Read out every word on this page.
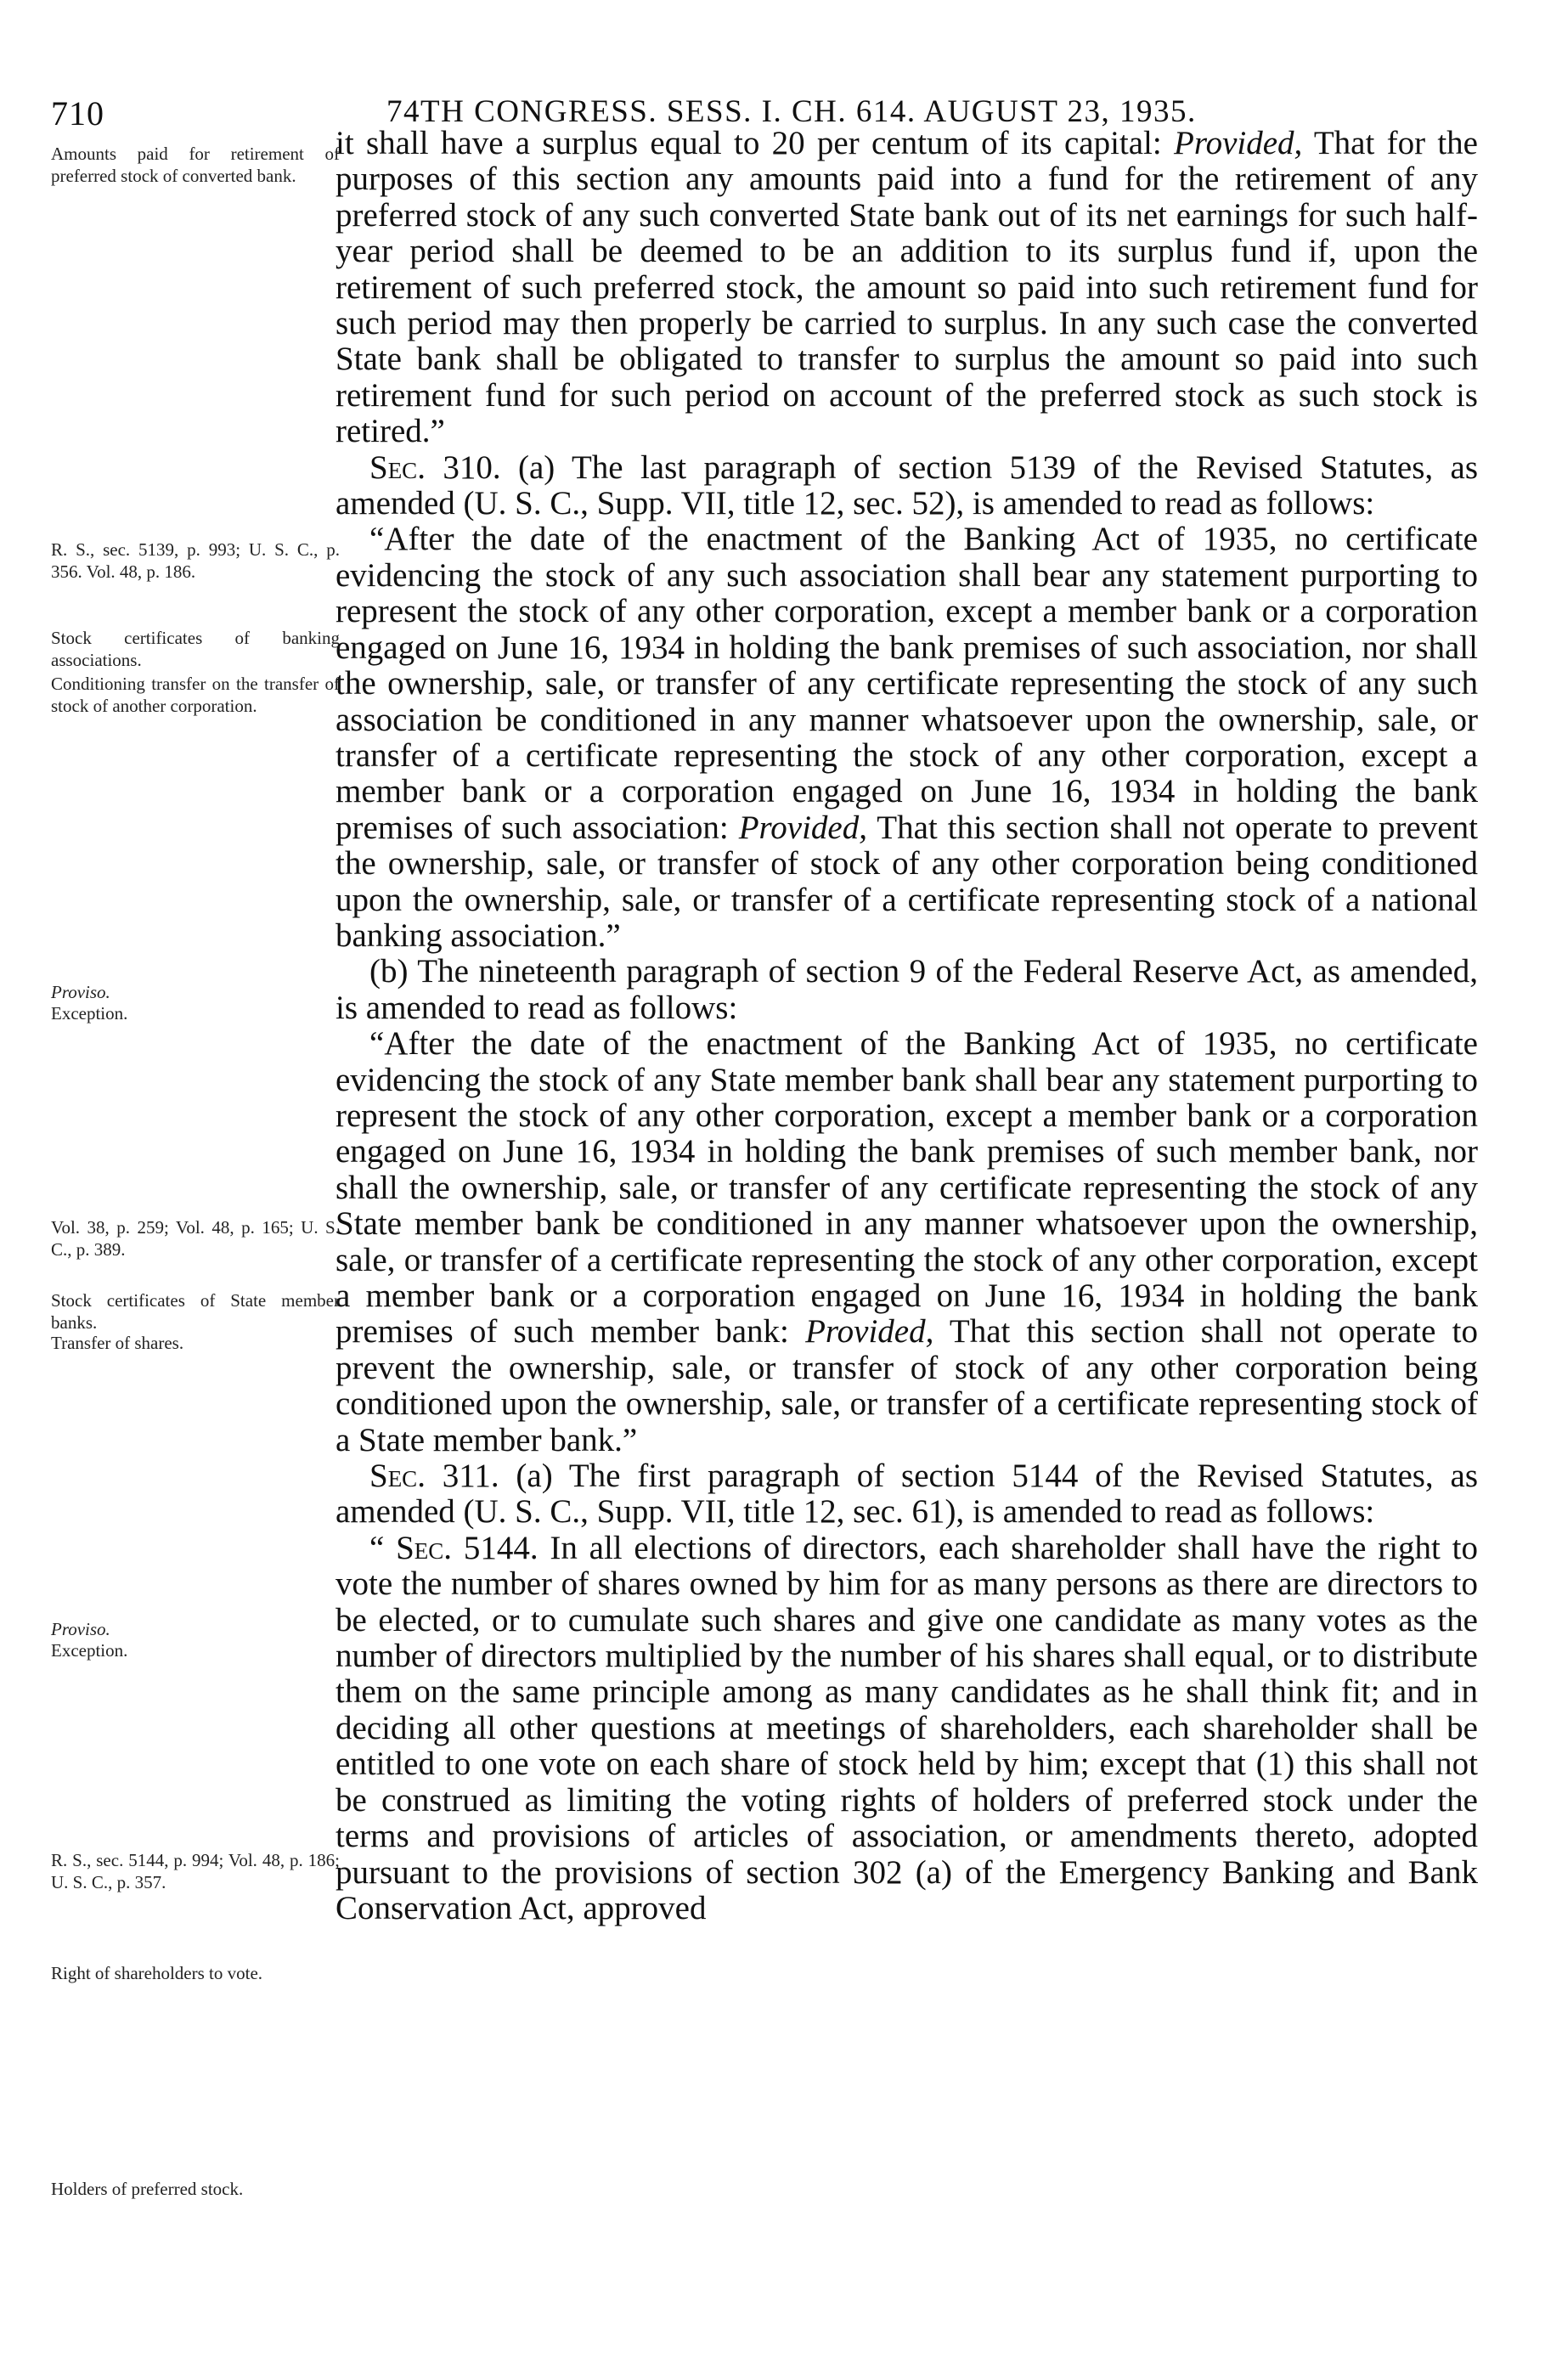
710	74TH CONGRESS. SESS. I. CH. 614. AUGUST 23, 1935.
Amounts paid for retirement of preferred stock of converted bank.
R. S., sec. 5139, p. 993; U. S. C., p. 356. Vol. 48, p. 186.
Stock certificates of banking associations.
Conditioning transfer on the transfer of stock of another corporation.
Proviso.
Exception.
Vol. 38, p. 259; Vol. 48, p. 165; U. S. C., p. 389.
Stock certificates of State member banks.
Transfer of shares.
Proviso.
Exception.
R. S., sec. 5144, p. 994; Vol. 48, p. 186; U. S. C., p. 357.
Right of shareholders to vote.
Holders of preferred stock.

it shall have a surplus equal to 20 per centum of its capital: Provided, That for the purposes of this section any amounts paid into a fund for the retirement of any preferred stock of any such converted State bank out of its net earnings for such half-year period shall be deemed to be an addition to its surplus fund if, upon the retirement of such preferred stock, the amount so paid into such retirement fund for such period may then properly be carried to surplus. In any such case the converted State bank shall be obligated to transfer to surplus the amount so paid into such retirement fund for such period on account of the preferred stock as such stock is retired.”

Sec. 310. (a) The last paragraph of section 5139 of the Revised Statutes, as amended (U. S. C., Supp. VII, title 12, sec. 52), is amended to read as follows:

“After the date of the enactment of the Banking Act of 1935, no certificate evidencing the stock of any such association shall bear any statement purporting to represent the stock of any other corporation, except a member bank or a corporation engaged on June 16, 1934 in holding the bank premises of such association, nor shall the ownership, sale, or transfer of any certificate representing the stock of any such association be conditioned in any manner whatsoever upon the ownership, sale, or transfer of a certificate representing the stock of any other corporation, except a member bank or a corporation engaged on June 16, 1934 in holding the bank premises of such association: Provided, That this section shall not operate to prevent the ownership, sale, or transfer of stock of any other corporation being conditioned upon the ownership, sale, or transfer of a certificate representing stock of a national banking association.”

(b) The nineteenth paragraph of section 9 of the Federal Reserve Act, as amended, is amended to read as follows:

“After the date of the enactment of the Banking Act of 1935, no certificate evidencing the stock of any State member bank shall bear any statement purporting to represent the stock of any other corporation, except a member bank or a corporation engaged on June 16, 1934 in holding the bank premises of such member bank, nor shall the ownership, sale, or transfer of any certificate representing the stock of any State member bank be conditioned in any manner whatsoever upon the ownership, sale, or transfer of a certificate representing the stock of any other corporation, except a member bank or a corporation engaged on June 16, 1934 in holding the bank premises of such member bank: Provided, That this section shall not operate to prevent the ownership, sale, or transfer of stock of any other corporation being conditioned upon the ownership, sale, or transfer of a certificate representing stock of a State member bank.”

Sec. 311. (a) The first paragraph of section 5144 of the Revised Statutes, as amended (U. S. C., Supp. VII, title 12, sec. 61), is amended to read as follows:

“ Sec. 5144. In all elections of directors, each shareholder shall have the right to vote the number of shares owned by him for as many persons as there are directors to be elected, or to cumulate such shares and give one candidate as many votes as the number of directors multiplied by the number of his shares shall equal, or to distribute them on the same principle among as many candidates as he shall think fit; and in deciding all other questions at meetings of shareholders, each shareholder shall be entitled to one vote on each share of stock held by him; except that (1) this shall not be construed as limiting the voting rights of holders of preferred stock under the terms and provisions of articles of association, or amendments thereto, adopted pursuant to the provisions of section 302 (a) of the Emergency Banking and Bank Conservation Act, approved
